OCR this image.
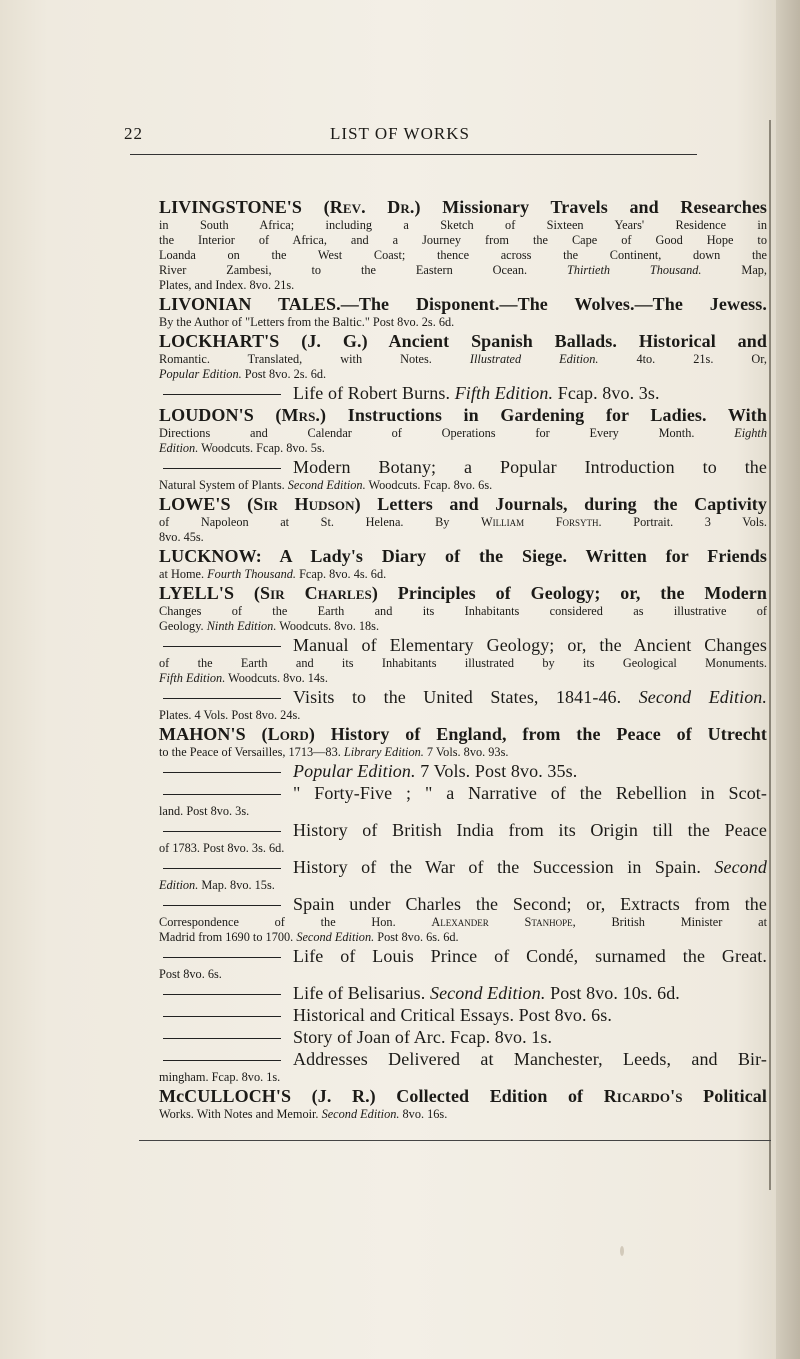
22	LIST OF WORKS
LIVINGSTONE'S (Rev. Dr.) Missionary Travels and Researches
in South Africa; including a Sketch of Sixteen Years' Residence in
the Interior of Africa, and a Journey from the Cape of Good Hope to
Loanda on the West Coast; thence across the Continent, down the
River Zambesi, to the Eastern Ocean.	Thirtieth Thousand.	Map,
Plates, and Index. 8vo. 21s.
LIVONIAN TALES.—The Disponent.—The Wolves.—The Jewess.
By the Author of "Letters from the Baltic." Post 8vo. 2s. 6d.
LOCKHART'S (J. G.) Ancient Spanish Ballads. Historical and
Romantic. Translated, with Notes.	Illustrated Edition.	4to. 21s. Or,
Popular Edition. Post 8vo. 2s. 6d.
Life of Robert Burns. Fifth Edition. Fcap. 8vo. 3s.
LOUDON'S (Mrs.) Instructions in Gardening for Ladies. With
Directions and Calendar of Operations for Every Month.	Eighth
Edition. Woodcuts. Fcap. 8vo. 5s.
Modern Botany; a Popular Introduction to the
Natural System of Plants. Second Edition. Woodcuts. Fcap. 8vo. 6s.
LOWE'S (Sir Hudson) Letters and Journals, during the Captivity
of Napoleon at St. Helena. By	William Forsyth.	Portrait. 3 Vols.
8vo. 45s.
LUCKNOW: A Lady's Diary of the Siege. Written for Friends
at Home. Fourth Thousand. Fcap. 8vo. 4s. 6d.
LYELL'S (Sir Charles) Principles of Geology; or, the Modern
Changes of the Earth and its Inhabitants considered as illustrative of
Geology. Ninth Edition. Woodcuts. 8vo. 18s.
Manual of Elementary Geology; or, the Ancient Changes
of the Earth and its Inhabitants illustrated by its Geological Monuments.
Fifth Edition. Woodcuts. 8vo. 14s.
Visits to the United States, 1841-46. Second Edition.
Plates. 4 Vols. Post 8vo. 24s.
MAHON'S (Lord) History of England, from the Peace of Utrecht
to the Peace of Versailles, 1713—83. Library Edition. 7 Vols. 8vo. 93s.
Popular Edition. 7 Vols. Post 8vo. 35s.
" Forty-Five ; " a Narrative of the Rebellion in Scot-
land. Post 8vo. 3s.
History of British India from its Origin till the Peace
of 1783. Post 8vo. 3s. 6d.
History of the War of the Succession in Spain. Second
Edition. Map. 8vo. 15s.
Spain under Charles the Second; or, Extracts from the
Correspondence of the Hon.	Alexander Stanhope,	British Minister at
Madrid from 1690 to 1700. Second Edition. Post 8vo. 6s. 6d.
Life of Louis Prince of Condé, surnamed the Great.
Post 8vo. 6s.
Life of Belisarius. Second Edition. Post 8vo. 10s. 6d.
Historical and Critical Essays. Post 8vo. 6s.
Story of Joan of Arc. Fcap. 8vo. 1s.
Addresses Delivered at Manchester, Leeds, and Bir-
mingham. Fcap. 8vo. 1s.
McCULLOCH'S (J. R.) Collected Edition of Ricardo's Political
Works. With Notes and Memoir. Second Edition. 8vo. 16s.
